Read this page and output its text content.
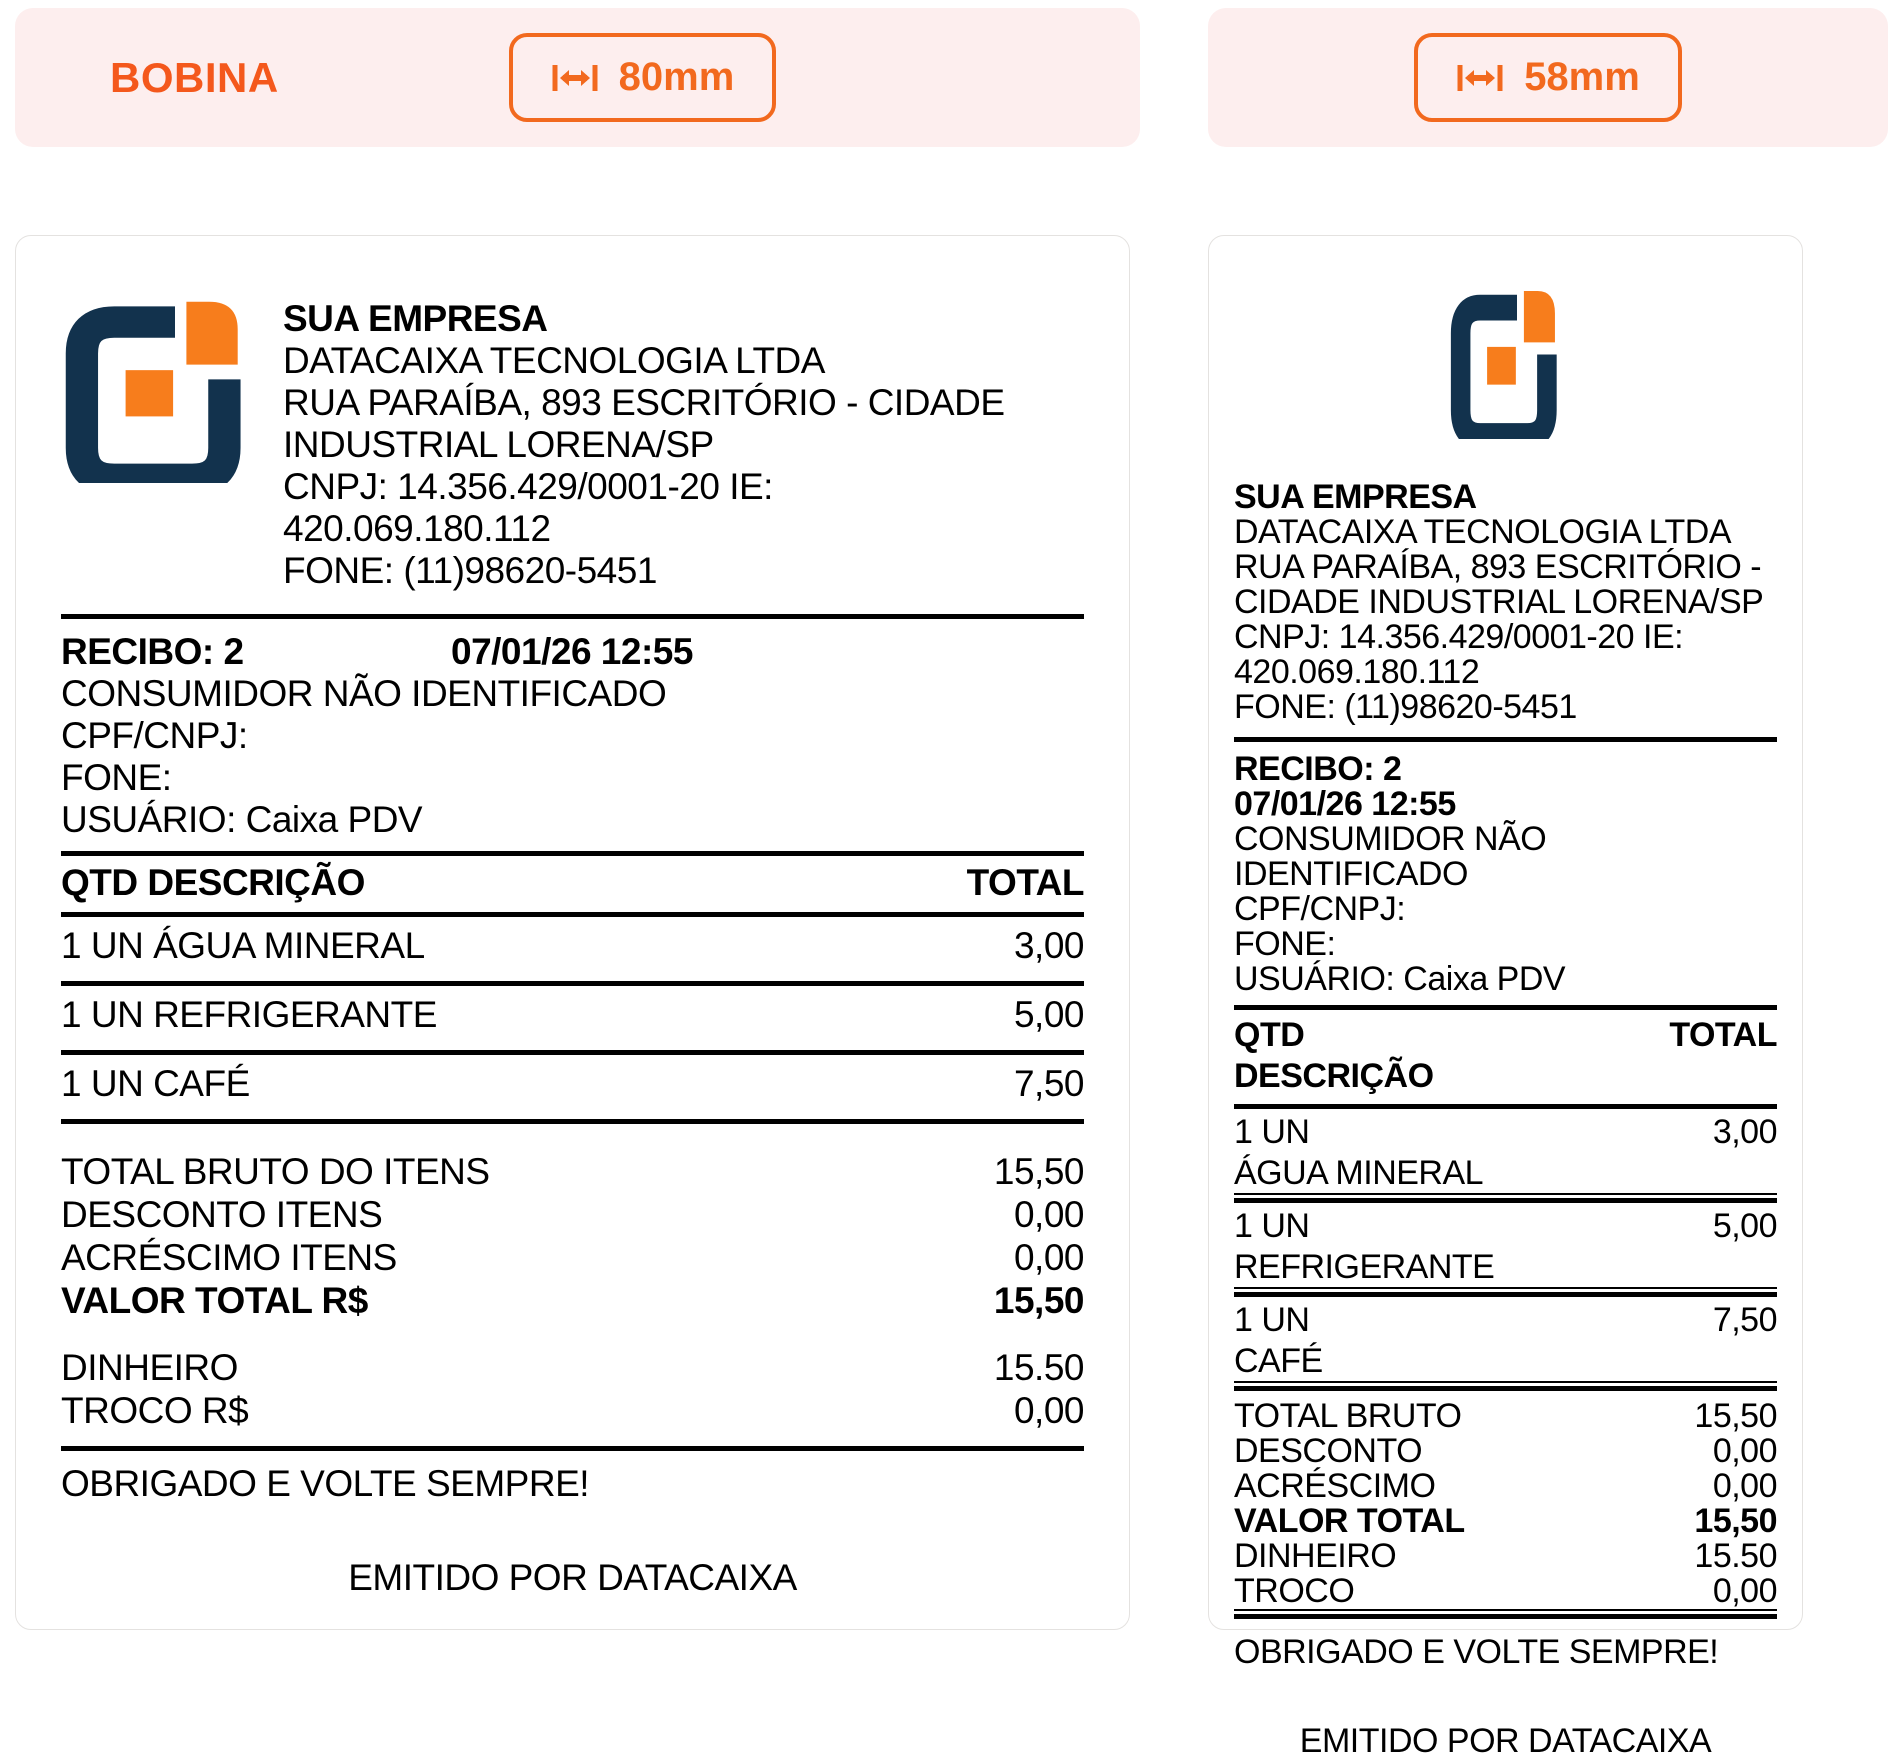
BOBINA	80mm
SUA EMPRESA
DATACAIXA TECNOLOGIA LTDA
RUA PARAÍBA, 893 ESCRITÓRIO - CIDADE
INDUSTRIAL LORENA/SP
CNPJ: 14.356.429/0001-20 IE:
420.069.180.112
FONE: (11)98620-5451
RECIBO: 2	07/01/26 12:55
CONSUMIDOR NÃO IDENTIFICADO
CPF/CNPJ:
FONE:
USUÁRIO: Caixa PDV
QTD DESCRIÇÃO	TOTAL
1 UN ÁGUA MINERAL	3,00
1 UN REFRIGERANTE	5,00
1 UN CAFÉ	7,50
TOTAL BRUTO DO ITENS	15,50
DESCONTO ITENS	0,00
ACRÉSCIMO ITENS	0,00
VALOR TOTAL R$	15,50
DINHEIRO	15.50
TROCO R$	0,00
OBRIGADO E VOLTE SEMPRE!
EMITIDO POR DATACAIXA
58mm
SUA EMPRESA
DATACAIXA TECNOLOGIA LTDA
RUA PARAÍBA, 893 ESCRITÓRIO -
CIDADE INDUSTRIAL LORENA/SP
CNPJ: 14.356.429/0001-20 IE:
420.069.180.112
FONE: (11)98620-5451
RECIBO: 2
07/01/26 12:55
CONSUMIDOR NÃO IDENTIFICADO
CPF/CNPJ:
FONE:
USUÁRIO: Caixa PDV
QTD	TOTAL
DESCRIÇÃO
1 UN	3,00
ÁGUA MINERAL
1 UN	5,00
REFRIGERANTE
1 UN	7,50
CAFÉ
TOTAL BRUTO	15,50
DESCONTO	0,00
ACRÉSCIMO	0,00
VALOR TOTAL	15,50
DINHEIRO	15.50
TROCO	0,00
OBRIGADO E VOLTE SEMPRE!
EMITIDO POR DATACAIXA
